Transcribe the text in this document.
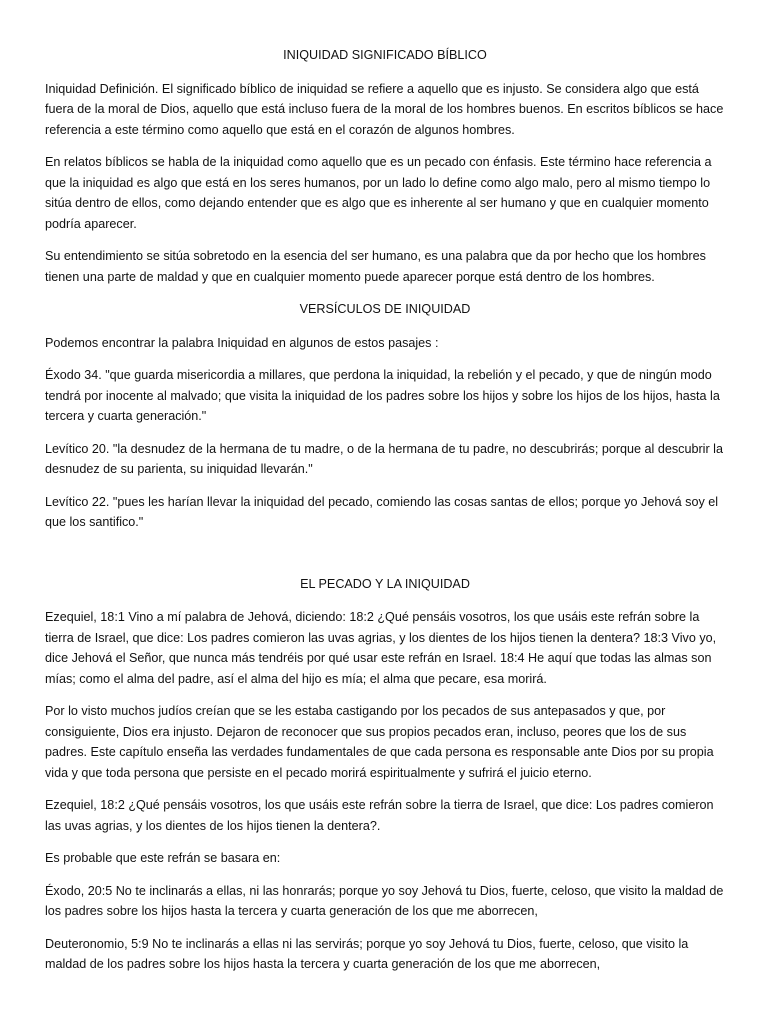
INIQUIDAD SIGNIFICADO BÍBLICO

Iniquidad Definición. El significado bíblico de iniquidad se refiere a aquello que es injusto. Se considera algo que está fuera de la moral de Dios, aquello que está incluso fuera de la moral de los hombres buenos. En escritos bíblicos se hace referencia a este término como aquello que está en el corazón de algunos hombres.

En relatos bíblicos se habla de la iniquidad como aquello que es un pecado con énfasis. Este término hace referencia a que la iniquidad es algo que está en los seres humanos, por un lado lo define como algo malo, pero al mismo tiempo lo sitúa dentro de ellos, como dejando entender que es algo que es inherente al ser humano y que en cualquier momento podría aparecer.

Su entendimiento se sitúa sobretodo en la esencia del ser humano, es una palabra que da por hecho que los hombres tienen una parte de maldad y que en cualquier momento puede aparecer porque está dentro de los hombres.

VERSÍCULOS DE INIQUIDAD

Podemos encontrar la palabra Iniquidad en algunos de estos pasajes :

Éxodo 34. "que guarda misericordia a millares, que perdona la iniquidad, la rebelión y el pecado, y que de ningún modo tendrá por inocente al malvado; que visita la iniquidad de los padres sobre los hijos y sobre los hijos de los hijos, hasta la tercera y cuarta generación."

Levítico 20. "la desnudez de la hermana de tu madre, o de la hermana de tu padre, no descubrirás; porque al descubrir la desnudez de su parienta, su iniquidad llevarán."

Levítico 22. "pues les harían llevar la iniquidad del pecado, comiendo las cosas santas de ellos; porque yo Jehová soy el que los santifico."

EL PECADO Y LA INIQUIDAD

Ezequiel, 18:1 Vino a mí palabra de Jehová, diciendo: 18:2 ¿Qué pensáis vosotros, los que usáis este refrán sobre la tierra de Israel, que dice: Los padres comieron las uvas agrias, y los dientes de los hijos tienen la dentera? 18:3 Vivo yo, dice Jehová el Señor, que nunca más tendréis por qué usar este refrán en Israel. 18:4 He aquí que todas las almas son mías; como el alma del padre, así el alma del hijo es mía; el alma que pecare, esa morirá.

Por lo visto muchos judíos creían que se les estaba castigando por los pecados de sus antepasados y que, por consiguiente, Dios era injusto. Dejaron de reconocer que sus propios pecados eran, incluso, peores que los de sus padres. Este capítulo enseña las verdades fundamentales de que cada persona es responsable ante Dios por su propia vida y que toda persona que persiste en el pecado morirá espiritualmente y sufrirá el juicio eterno.

Ezequiel, 18:2 ¿Qué pensáis vosotros, los que usáis este refrán sobre la tierra de Israel, que dice: Los padres comieron las uvas agrias, y los dientes de los hijos tienen la dentera?.

Es probable que este refrán se basara en:

Éxodo, 20:5 No te inclinarás a ellas, ni las honrarás; porque yo soy Jehová tu Dios, fuerte, celoso, que visito la maldad de los padres sobre los hijos hasta la tercera y cuarta generación de los que me aborrecen,

Deuteronomio, 5:9 No te inclinarás a ellas ni las servirás; porque yo soy Jehová tu Dios, fuerte, celoso, que visito la maldad de los padres sobre los hijos hasta la tercera y cuarta generación de los que me aborrecen,
